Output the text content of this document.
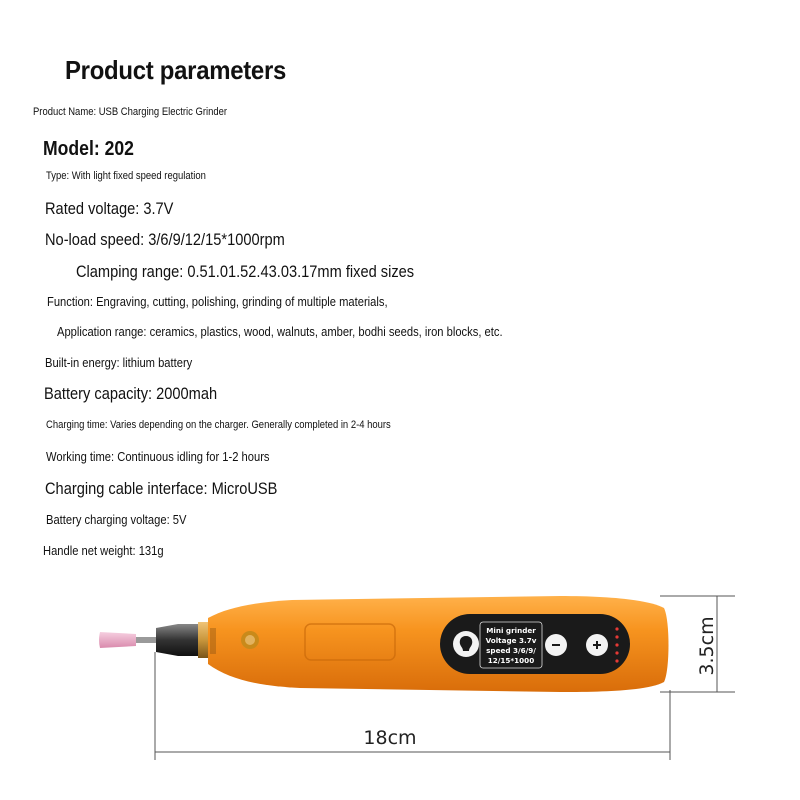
Product parameters
Product Name: USB Charging Electric Grinder
Model: 202
Type: With light fixed speed regulation
Rated voltage: 3.7V
No-load speed: 3/6/9/12/15*1000rpm
Clamping range: 0.51.01.52.43.03.17mm fixed sizes
Function: Engraving, cutting, polishing, grinding of multiple materials,
Application range: ceramics, plastics, wood, walnuts, amber, bodhi seeds, iron blocks, etc.
Built-in energy: lithium battery
Battery capacity: 2000mah
Charging time: Varies depending on the charger. Generally completed in 2-4 hours
Working time: Continuous idling for 1-2 hours
Charging cable interface: MicroUSB
Battery charging voltage: 5V
Handle net weight: 131g
Mini grinder
Voltage 3.7v
speed 3/6/9/
12/15*1000
18cm
3.5cm
